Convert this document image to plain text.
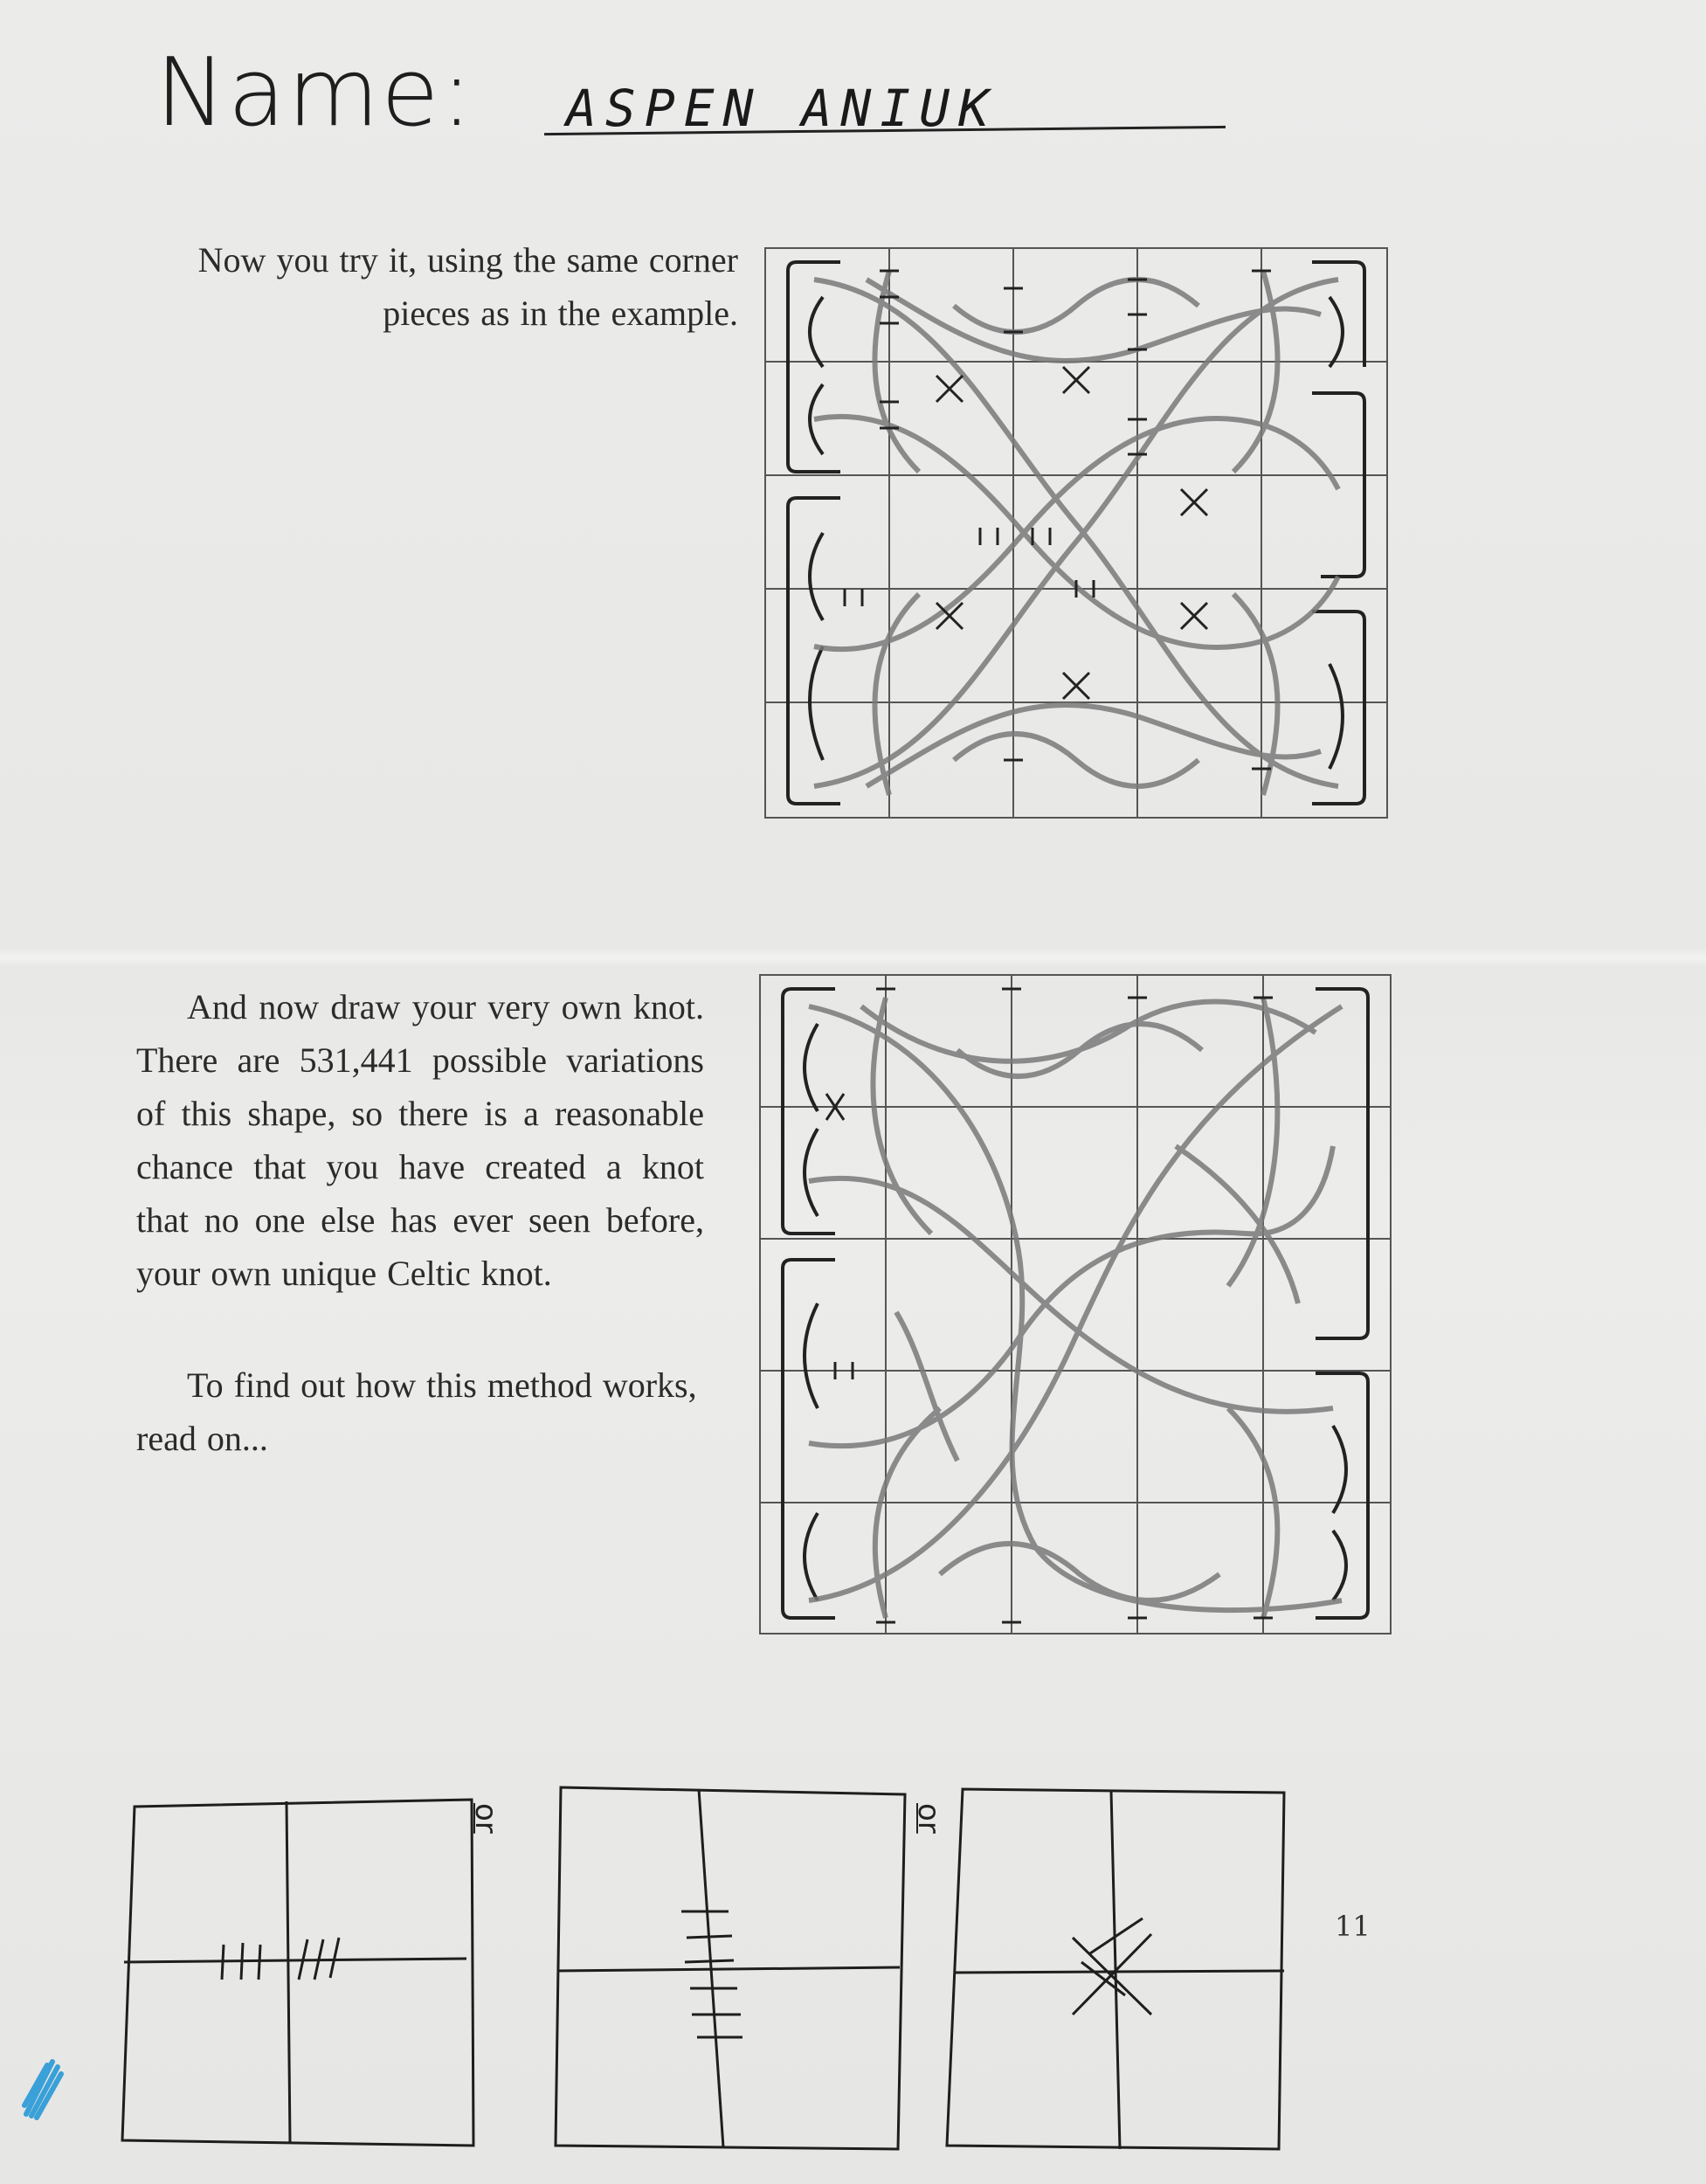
Name: ASPEN ANIUK
Now you try it, using the same corner pieces as in the example.
And now draw your very own knot. There are 531,441 possible variations of this shape, so there is a reasonable chance that you have created a knot that no one else has ever seen before, your own unique Celtic knot.
To find out how this method works, read on...
or	or
11
